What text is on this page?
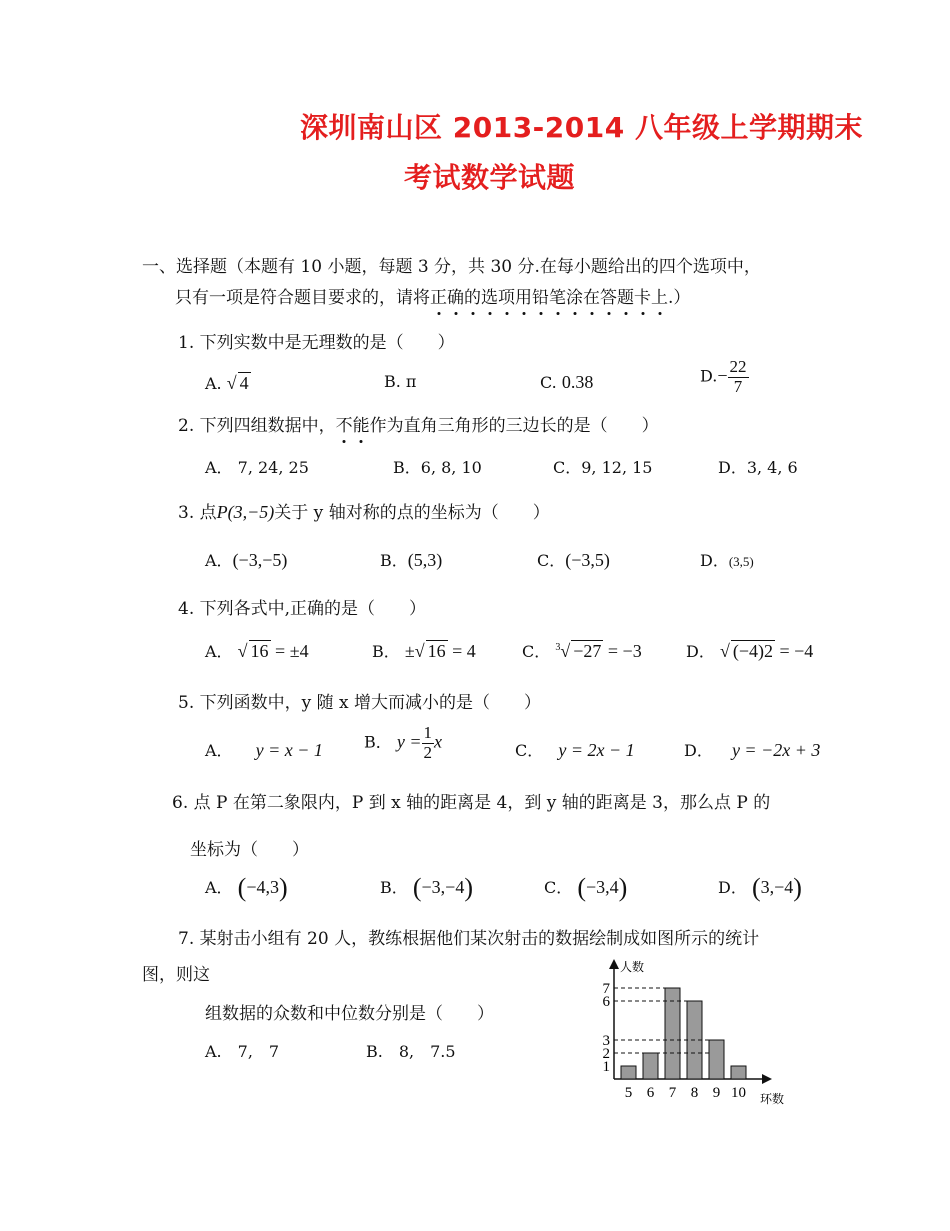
深圳南山区 2013-2014 八年级上学期期末
考试数学试题
一、选择题（本题有 10 小题，每题 3 分，共 30 分.在每小题给出的四个选项中，
只有一项是符合题目要求的，请将正确的选项用铅笔涂在答题卡上.）
1. 下列实数中是无理数的是（　　）
A. √ 4	B. π	C. 0.38	$D.- \frac{22}{7}$
2. 下列四组数据中，不能作为直角三角形的三边长的是（　　）
A． 7, 24, 25	B．6, 8, 10	C．9, 12, 15	D．3, 4, 6
3. 点P(3,−5)关于 y 轴对称的点的坐标为（　　）
A．(−3,−5)	B．(5,3)	C．(−3,5)	D．(3,5)
4. 下列各式中,正确的是（　　）
A． √ 16 = ±4	B． ±√ 16 = 4	C． $^3$√ −27 = −3	D． √ (−4)2 = −4
5. 下列函数中，y 随 x 增大而减小的是（　　）
A． y = x − 1	B． $y = \frac{1}{2}$ x	C． y = 2x − 1	D． y = −2x + 3
6. 点 P 在第二象限内，P 到 x 轴的距离是 4，到 y 轴的距离是 3，那么点 P 的
坐标为（　　）
A． (−4,3)	B． (−3,−4)	C． (−3,4)	D． (3,−4)
7. 某射击小组有 20 人，教练根据他们某次射击的数据绘制成如图所示的统计
图，则这
组数据的众数和中位数分别是（　　）
A.　7,　7	B.　8,　7.5
人数
环数
5 6 7 8 9 10
1
2
3
6
7
